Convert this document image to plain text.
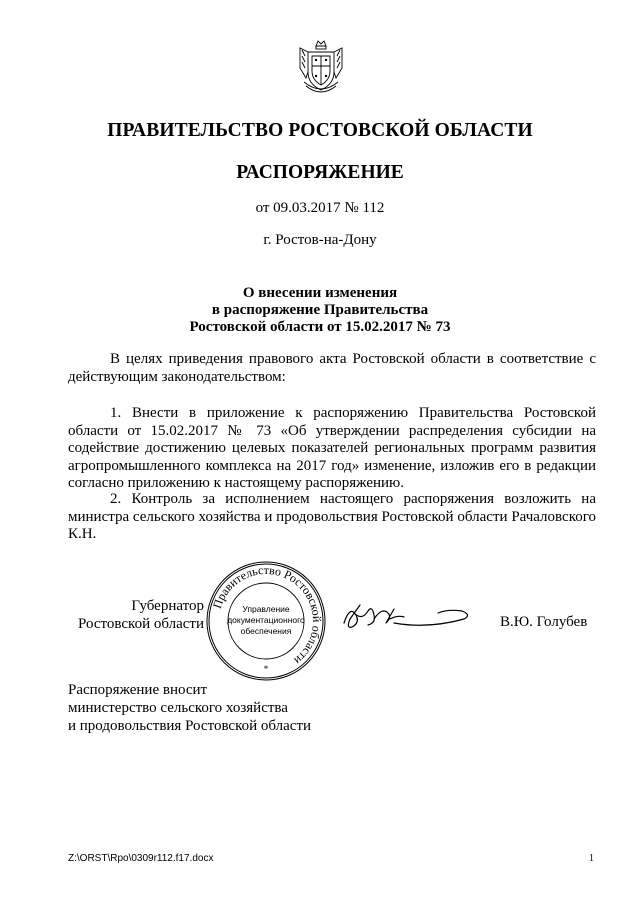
ПРАВИТЕЛЬСТВО РОСТОВСКОЙ ОБЛАСТИ
РАСПОРЯЖЕНИЕ
от 09.03.2017 № 112
г. Ростов-на-Дону
О внесении изменения
в распоряжение Правительства
Ростовской области от 15.02.2017 № 73
В целях приведения правового акта Ростовской области в соответствие с действующим законодательством:
1. Внести в приложение к распоряжению Правительства Ростовской области от 15.02.2017 № 73 «Об утверждении распределения субсидии на содействие достижению целевых показателей региональных программ развития агропромышленного комплекса на 2017 год» изменение, изложив его в редакции согласно приложению к настоящему распоряжению.
2. Контроль за исполнением настоящего распоряжения возложить на министра сельского хозяйства и продовольствия Ростовской области Рачаловского К.Н.
Губернатор
Ростовской области
Правительство Ростовской области
*
Управление
документационного
обеспечения
В.Ю. Голубев
Распоряжение вносит
министерство сельского хозяйства
и продовольствия Ростовской области
Z:\ORST\Rpo\0309r112.f17.docx	1
